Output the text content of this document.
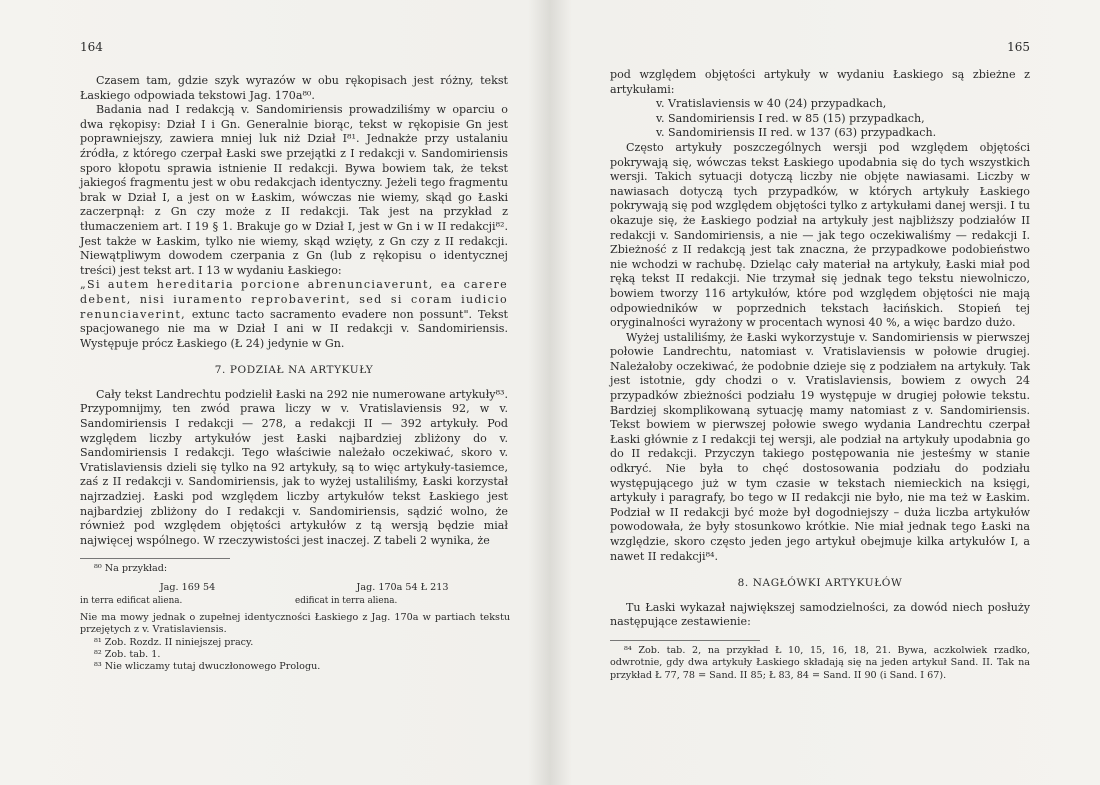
164

Czasem tam, gdzie szyk wyrazów w obu rękopisach jest różny, tekst Łaskiego odpowiada tekstowi Jag. 170a⁸⁰.

Badania nad I redakcją v. Sandomiriensis prowadziliśmy w oparciu o dwa rękopisy: Dział I i Gn. Generalnie biorąc, tekst w rękopisie Gn jest poprawniejszy, zawiera mniej luk niż Dział I⁸¹. Jednakże przy ustalaniu źródła, z którego czerpał Łaski swe przejątki z I redakcji v. Sandomiriensis sporo kłopotu sprawia istnienie II redakcji. Bywa bowiem tak, że tekst jakiegoś fragmentu jest w obu redakcjach identyczny. Jeżeli tego fragmentu brak w Dział I, a jest on w Łaskim, wówczas nie wiemy, skąd go Łaski zaczerpnął: z Gn czy może z II redakcji. Tak jest na przykład z tłumaczeniem art. I 19 § 1. Brakuje go w Dział I, jest w Gn i w II redakcji⁸². Jest także w Łaskim, tylko nie wiemy, skąd wzięty, z Gn czy z II redakcji. Niewątpliwym dowodem czerpania z Gn (lub z rękopisu o identycznej treści) jest tekst art. I 13 w wydaniu Łaskiego:

„Si autem hereditaria porcione abrenunciaverunt, ea carere debent, nisi iuramento reprobaverint, sed si coram iudicio renunciaverint, extunc tacto sacramento evadere non possunt". Tekst spacjowanego nie ma w Dział I ani w II redakcji v. Sandomiriensis. Występuje prócz Łaskiego (Ł 24) jedynie w Gn.

7. PODZIAŁ NA ARTYKUŁY

Cały tekst Landrechtu podzielił Łaski na 292 nie numerowane artykuły⁸³. Przypomnijmy, ten zwód prawa liczy w v. Vratislaviensis 92, w v. Sandomiriensis I redakcji — 278, a redakcji II — 392 artykuły. Pod względem liczby artykułów jest Łaski najbardziej zbliżony do v. Sandomiriensis I redakcji. Tego właściwie należało oczekiwać, skoro v. Vratislaviensis dzieli się tylko na 92 artykuły, są to więc artykuły-tasiemce, zaś z II redakcji v. Sandomiriensis, jak to wyżej ustaliliśmy, Łaski korzystał najrzadziej. Łaski pod względem liczby artykułów tekst Łaskiego jest najbardziej zbliżony do I redakcji v. Sandomiriensis, sądzić wolno, że również pod względem objętości artykułów z tą wersją będzie miał najwięcej wspólnego. W rzeczywistości jest inaczej. Z tabeli 2 wynika, że

⁸⁰ Na przykład:

Jag. 169 54
in terra edificat aliena.
Jag. 170a 54 Ł 213
edificat in terra aliena.

Nie ma mowy jednak o zupełnej identyczności Łaskiego z Jag. 170a w partiach tekstu przejętych z v. Vratislaviensis.

⁸¹ Zob. Rozdz. II niniejszej pracy.

⁸² Zob. tab. 1.

⁸³ Nie wliczamy tutaj dwuczłonowego Prologu.

165

pod względem objętości artykuły w wydaniu Łaskiego są zbieżne z artykułami:

v. Vratislaviensis w 40 (24) przypadkach,
v. Sandomiriensis I red. w 85 (15) przypadkach,
v. Sandomiriensis II red. w 137 (63) przypadkach.

Często artykuły poszczególnych wersji pod względem objętości pokrywają się, wówczas tekst Łaskiego upodabnia się do tych wszystkich wersji. Takich sytuacji dotyczą liczby nie objęte nawiasami. Liczby w nawiasach dotyczą tych przypadków, w których artykuły Łaskiego pokrywają się pod względem objętości tylko z artykułami danej wersji. I tu okazuje się, że Łaskiego podział na artykuły jest najbliższy podziałów II redakcji v. Sandomiriensis, a nie — jak tego oczekiwaliśmy — redakcji I. Zbieżność z II redakcją jest tak znaczna, że przypadkowe podobieństwo nie wchodzi w rachubę. Dzieląc cały materiał na artykuły, Łaski miał pod ręką tekst II redakcji. Nie trzymał się jednak tego tekstu niewolniczo, bowiem tworzy 116 artykułów, które pod względem objętości nie mają odpowiedników w poprzednich tekstach łacińskich. Stopień tej oryginalności wyrażony w procentach wynosi 40 %, a więc bardzo dużo.

Wyżej ustaliliśmy, że Łaski wykorzystuje v. Sandomiriensis w pierwszej połowie Landrechtu, natomiast v. Vratislaviensis w połowie drugiej. Należałoby oczekiwać, że podobnie dzieje się z podziałem na artykuły. Tak jest istotnie, gdy chodzi o v. Vratislaviensis, bowiem z owych 24 przypadków zbieżności podziału 19 występuje w drugiej połowie tekstu. Bardziej skomplikowaną sytuację mamy natomiast z v. Sandomiriensis. Tekst bowiem w pierwszej połowie swego wydania Landrechtu czerpał Łaski głównie z I redakcji tej wersji, ale podział na artykuły upodabnia go do II redakcji. Przyczyn takiego postępowania nie jesteśmy w stanie odkryć. Nie była to chęć dostosowania podziału do podziału występującego już w tym czasie w tekstach niemieckich na księgi, artykuły i paragrafy, bo tego w II redakcji nie było, nie ma też w Łaskim. Podział w II redakcji być może był dogodniejszy – duża liczba artykułów powodowała, że były stosunkowo krótkie. Nie miał jednak tego Łaski na względzie, skoro często jeden jego artykuł obejmuje kilka artykułów I, a nawet II redakcji⁸⁴.

8. NAGŁÓWKI ARTYKUŁÓW

Tu Łaski wykazał największej samodzielności, za dowód niech posłuży następujące zestawienie:

⁸⁴ Zob. tab. 2, na przykład Ł 10, 15, 16, 18, 21. Bywa, aczkolwiek rzadko, odwrotnie, gdy dwa artykuły Łaskiego składają się na jeden artykuł Sand. II. Tak na przykład Ł 77, 78 = Sand. II 85; Ł 83, 84 = Sand. II 90 (i Sand. I 67).
